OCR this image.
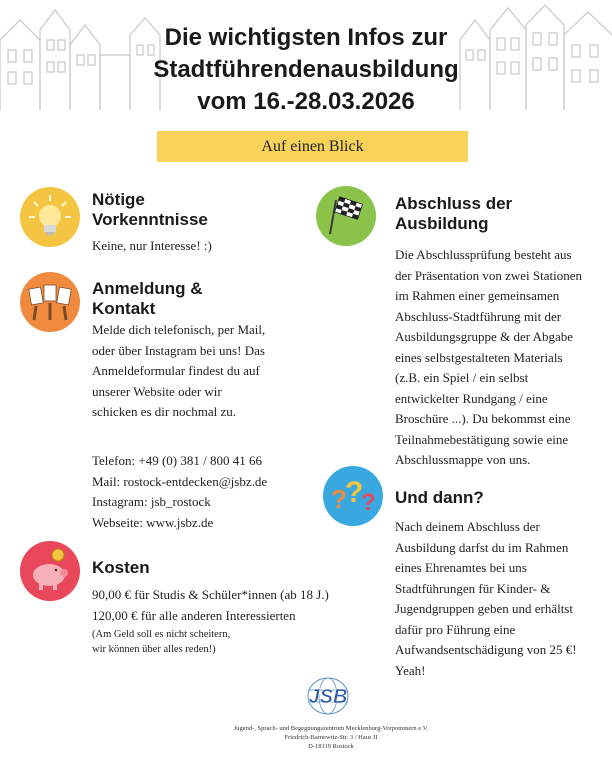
Die wichtigsten Infos zur
Stadtführendenausbildung
vom 16.-28.03.2026
Auf einen Blick
Nötige
Vorkenntnisse
Keine, nur Interesse! :)
Anmeldung &
Kontakt
Melde dich telefonisch, per Mail,
oder über Instagram bei uns! Das
Anmeldeformular findest du auf
unserer Website oder wir
schicken es dir nochmal zu.
Telefon: +49 (0) 381 / 800 41 66
Mail: rostock-entdecken@jsbz.de
Instagram: jsb_rostock
Webseite: www.jsbz.de
Kosten
90,00 € für Studis & Schüler*innen (ab 18 J.)
120,00 € für alle anderen Interessierten
(Am Geld soll es nicht scheitern,
wir können über alles reden!)
Abschluss der
Ausbildung
Die Abschlussprüfung besteht aus
der Präsentation von zwei Stationen
im Rahmen einer gemeinsamen
Abschluss-Stadtführung mit der
Ausbildungsgruppe & der Abgabe
eines selbstgestalteten Materials
(z.B. ein Spiel / ein selbst
entwickelter Rundgang / eine
Broschüre ...). Du bekommst eine
Teilnahmebestätigung sowie eine
Abschlussmappe von uns.
?
?
? Und dann?
Nach deinem Abschluss der
Ausbildung darfst du im Rahmen
eines Ehrenamtes bei uns
Stadtführungen für Kinder- &
Jugendgruppen geben und erhältst
dafür pro Führung eine
Aufwandsentschädigung von 25 €!
Yeah!
JSB
Jugend-, Sprach- und Begegnungszentrum Mecklenburg-Vorpommern e.V.
Friedrich-Barnewitz-Str. 3 / Haus II
D-18119 Rostock
